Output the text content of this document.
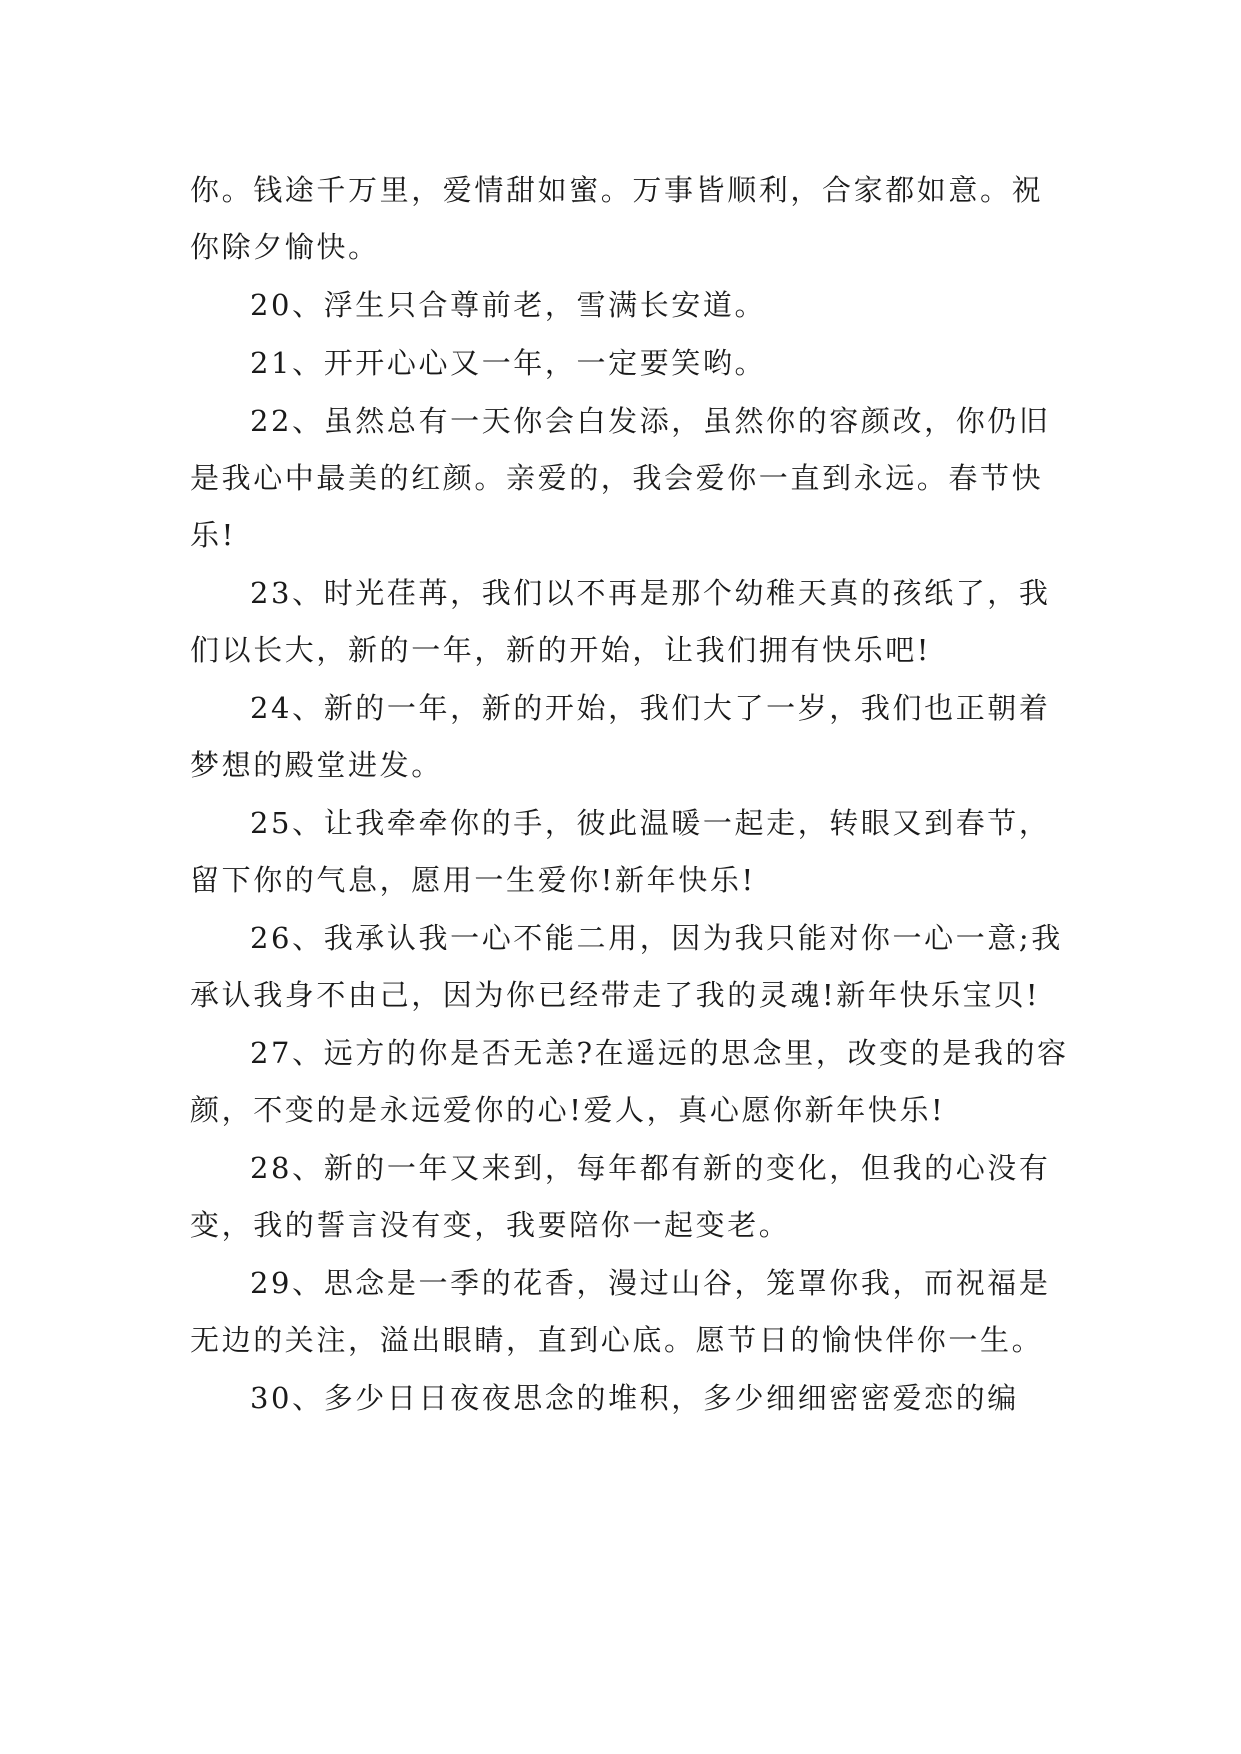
你。钱途千万里，爱情甜如蜜。万事皆顺利，合家都如意。祝你除夕愉快。

20、浮生只合尊前老，雪满长安道。

21、开开心心又一年，一定要笑哟。

22、虽然总有一天你会白发添，虽然你的容颜改，你仍旧是我心中最美的红颜。亲爱的，我会爱你一直到永远。春节快乐!

23、时光荏苒，我们以不再是那个幼稚天真的孩纸了，我们以长大，新的一年，新的开始，让我们拥有快乐吧!

24、新的一年，新的开始，我们大了一岁，我们也正朝着梦想的殿堂进发。

25、让我牵牵你的手，彼此温暖一起走，转眼又到春节，留下你的气息，愿用一生爱你!新年快乐!

26、我承认我一心不能二用，因为我只能对你一心一意;我承认我身不由己，因为你已经带走了我的灵魂!新年快乐宝贝!

27、远方的你是否无恙?在遥远的思念里，改变的是我的容颜，不变的是永远爱你的心!爱人，真心愿你新年快乐!

28、新的一年又来到，每年都有新的变化，但我的心没有变，我的誓言没有变，我要陪你一起变老。

29、思念是一季的花香，漫过山谷，笼罩你我，而祝福是无边的关注，溢出眼睛，直到心底。愿节日的愉快伴你一生。

30、多少日日夜夜思念的堆积，多少细细密密爱恋的编
